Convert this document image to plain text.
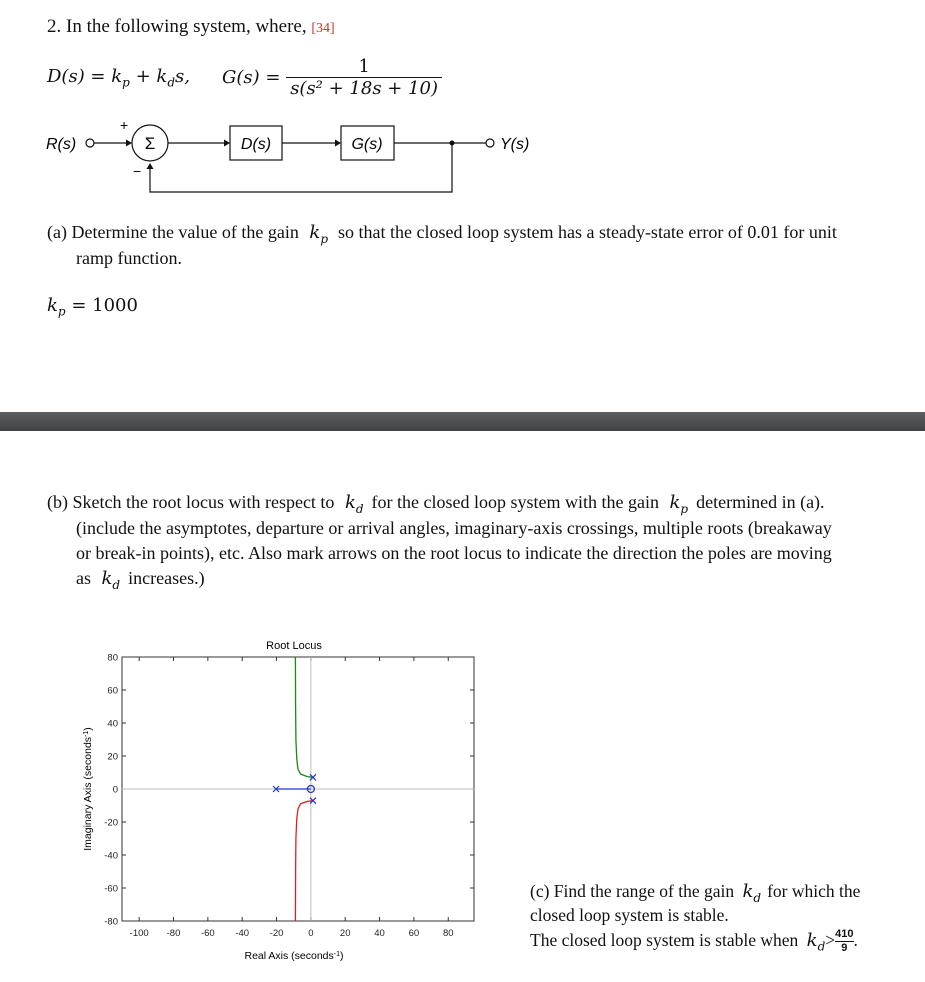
2. In the following system, where, [34]
$D(s) = k_p + k_ds$, $G(s) = \frac{1}{\text{s(s² + 18s + 10)}}$
R(s)
+
Σ	D(s)	G(s)	Y(s)
−
(a) Determine the value of the gain $k_p$ so that the closed loop system has a steady-state error of 0.01 for unit
ramp function.
$k_p = 1000$
(b) Sketch the root locus with respect to $k_d$ for the closed loop system with the gain $k_p$ determined in (a).
(include the asymptotes, departure or arrival angles, imaginary-axis crossings, multiple roots (breakaway
or break-in points), etc. Also mark arrows on the root locus to indicate the direction the poles are moving
as $k_d$ increases.)
Root Locus
-100 -80 -60 -40 -20	0	20	40	60	80
80
60
40
20
0
-20
-40
-60
-80
Real Axis (seconds$^{-1}$)
Imaginary Axis (seconds$^{-1}$)
(c) Find the range of the gain $k_d$ for which the
closed loop system is stable.
The closed loop system is stable when $k_d> \frac{410}{9}$ .
